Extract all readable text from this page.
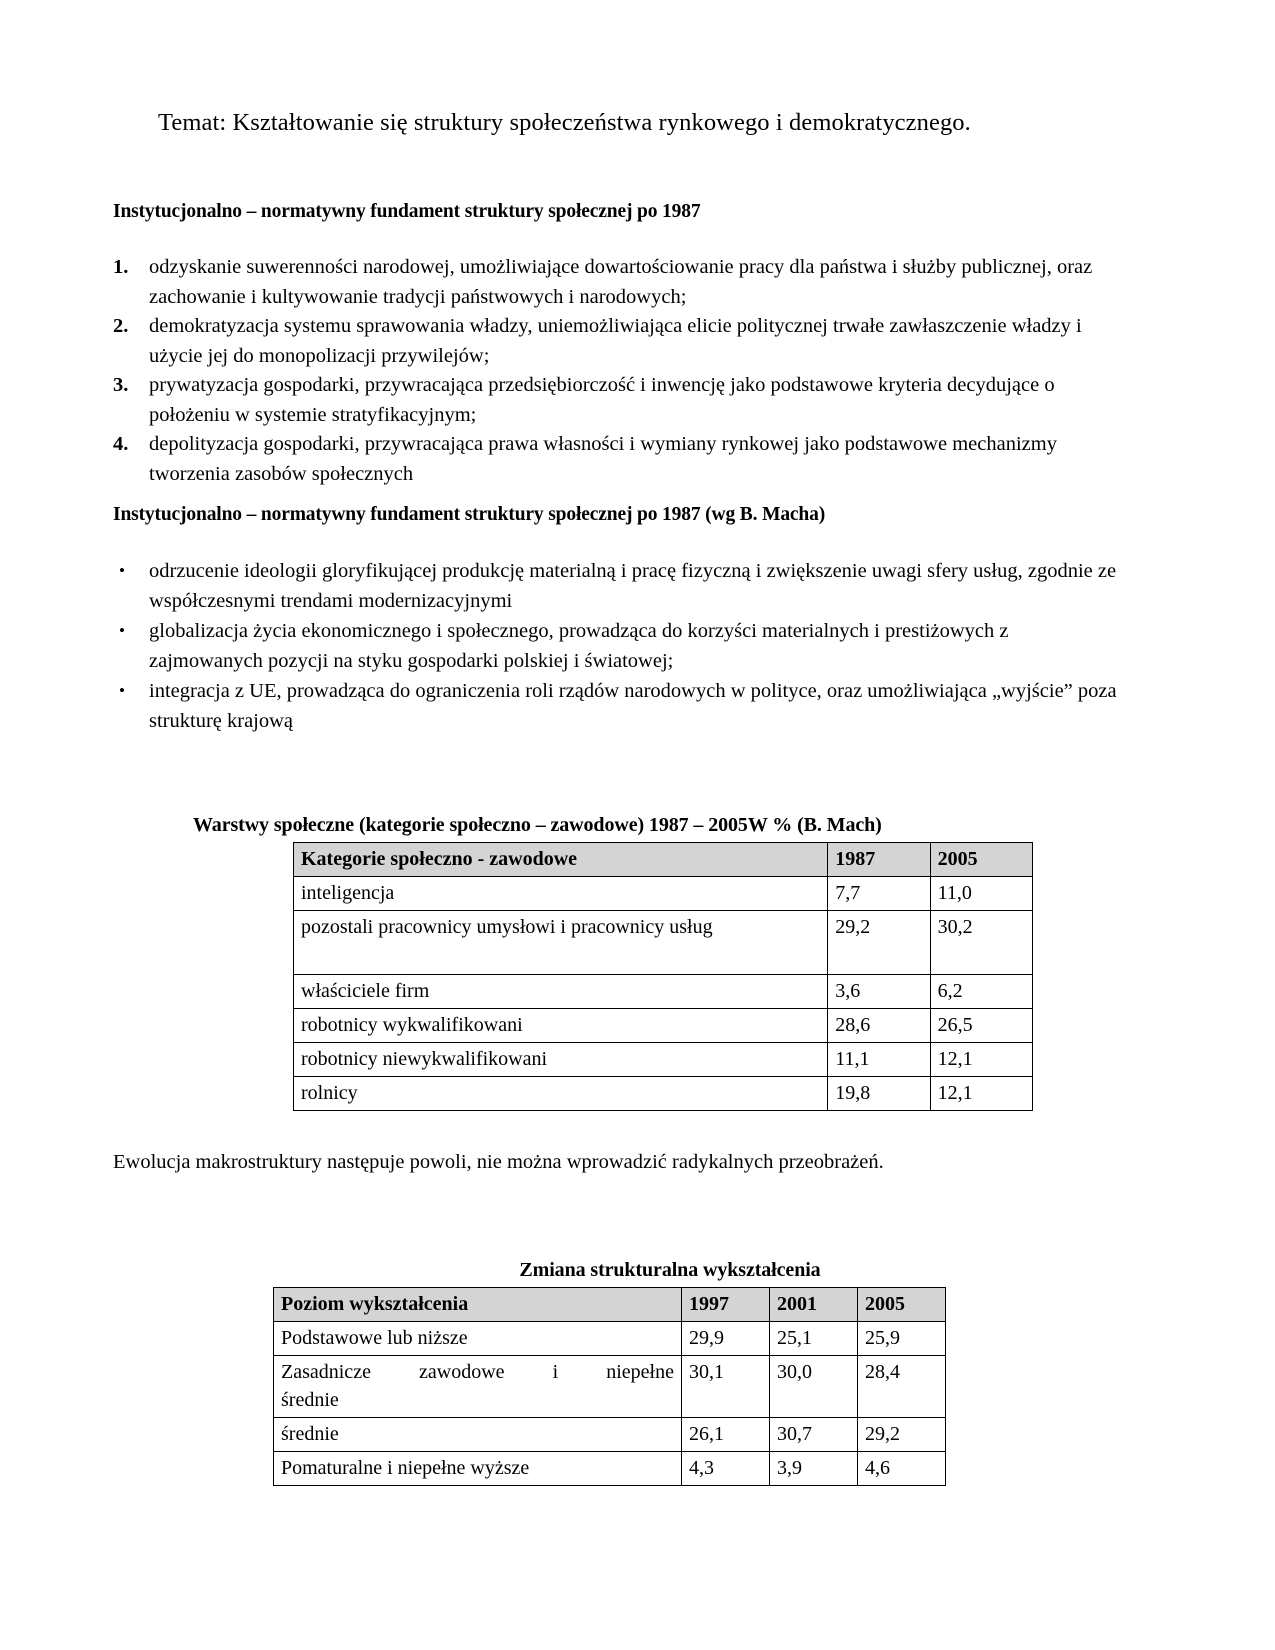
Temat: Kształtowanie się struktury społeczeństwa rynkowego i demokratycznego.
Instytucjonalno – normatywny fundament struktury społecznej po 1987
1. odzyskanie suwerenności narodowej, umożliwiające dowartościowanie pracy dla państwa i służby publicznej, oraz zachowanie i kultywowanie tradycji państwowych i narodowych;
2. demokratyzacja systemu sprawowania władzy, uniemożliwiająca elicie politycznej trwałe zawłaszczenie władzy i użycie jej do monopolizacji przywilejów;
3. prywatyzacja gospodarki, przywracająca przedsiębiorczość i inwencję jako podstawowe kryteria decydujące o położeniu w systemie stratyfikacyjnym;
4. depolityzacja gospodarki, przywracająca prawa własności i wymiany rynkowej jako podstawowe mechanizmy tworzenia zasobów społecznych
Instytucjonalno – normatywny fundament struktury społecznej po 1987 (wg B. Macha)
• odrzucenie ideologii gloryfikującej produkcję materialną i pracę fizyczną i zwiększenie uwagi sfery usług, zgodnie ze współczesnymi trendami modernizacyjnymi
• globalizacja życia ekonomicznego i społecznego, prowadząca do korzyści materialnych i prestiżowych z zajmowanych pozycji na styku gospodarki polskiej i światowej;
• integracja z UE, prowadząca do ograniczenia roli rządów narodowych w polityce, oraz umożliwiająca „wyjście” poza strukturę krajową
Warstwy społeczne (kategorie społeczno – zawodowe) 1987 – 2005W % (B. Mach)
Kategorie społeczno - zawodowe	1987	2005
inteligencja	7,7	11,0
pozostali pracownicy umysłowi i pracownicy usług	29,2	30,2
właściciele firm	3,6	6,2
robotnicy wykwalifikowani	28,6	26,5
robotnicy niewykwalifikowani	11,1	12,1
rolnicy	19,8	12,1
Ewolucja makrostruktury następuje powoli, nie można wprowadzić radykalnych przeobrażeń.
Zmiana strukturalna wykształcenia
Poziom wykształcenia	1997	2001	2005
Podstawowe lub niższe	29,9	25,1	25,9
Zasadnicze zawodowe i niepełne
średnie	30,1	30,0	28,4
średnie	26,1	30,7	29,2
Pomaturalne i niepełne wyższe	4,3	3,9	4,6
